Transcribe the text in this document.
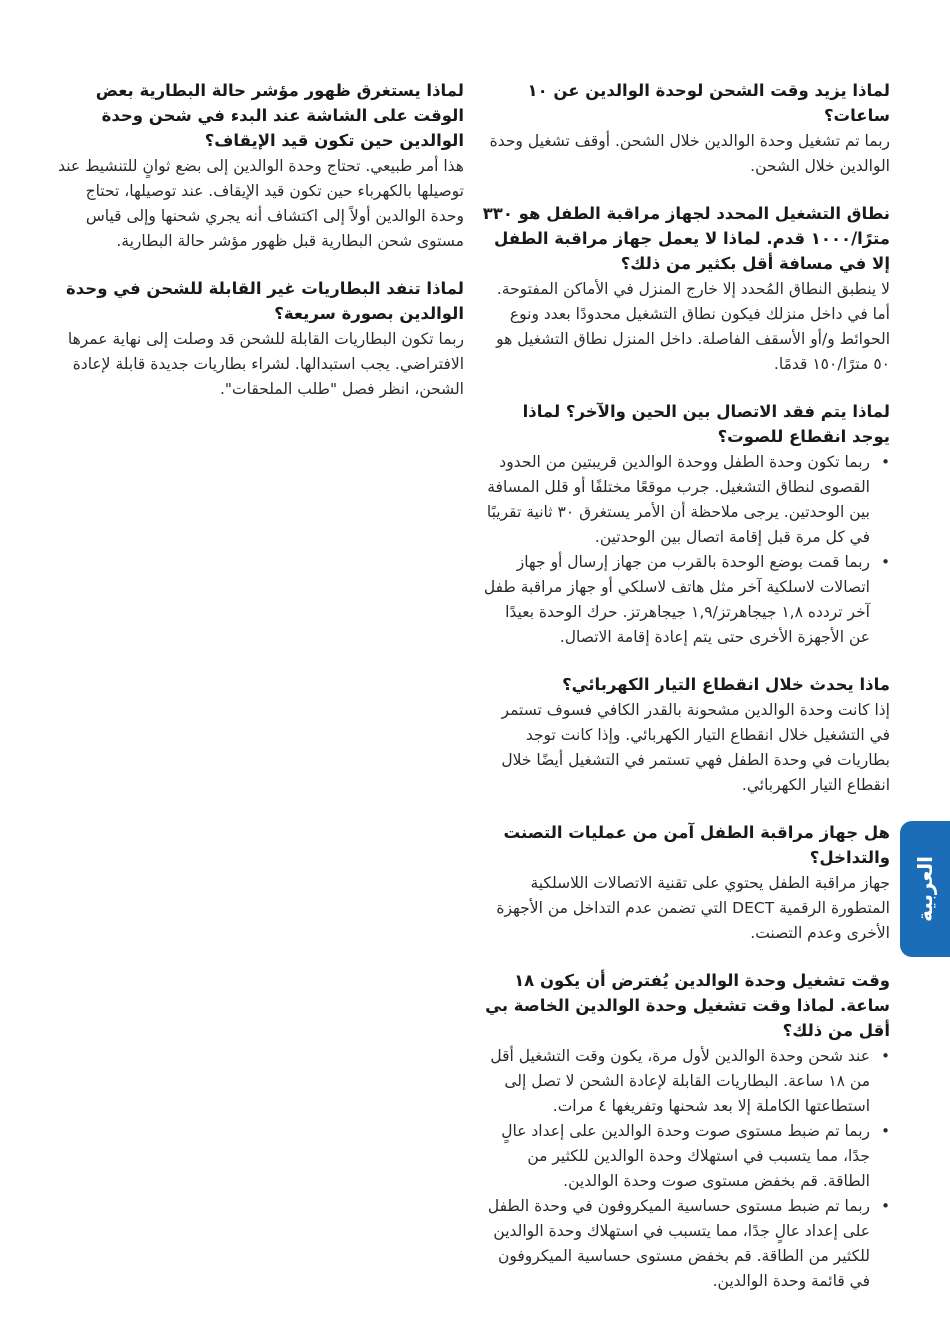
لماذا يزيد وقت الشحن لوحدة الوالدين عن ١٠ ساعات؟

ربما تم تشغيل وحدة الوالدين خلال الشحن. أوقف تشغيل وحدة الوالدين خلال الشحن.

نطاق التشغيل المحدد لجهاز مراقبة الطفل هو ٣٣٠ مترًا/١٠٠٠ قدم. لماذا لا يعمل جهاز مراقبة الطفل إلا في مسافة أقل بكثير من ذلك؟

لا ينطبق النطاق المُحدد إلا خارج المنزل في الأماكن المفتوحة. أما في داخل منزلك فيكون نطاق التشغيل محدودًا بعدد ونوع الحوائط و/أو الأسقف الفاصلة. داخل المنزل نطاق التشغيل هو ٥٠ مترًا/١٥٠ قدمًا.

لماذا يتم فقد الاتصال بين الحين والآخر؟ لماذا يوجد انقطاع للصوت؟

•
ربما تكون وحدة الطفل ووحدة الوالدين قريبتين من الحدود القصوى لنطاق التشغيل. جرب موقعًا مختلفًا أو قلل المسافة بين الوحدتين. يرجى ملاحظة أن الأمر يستغرق ٣٠ ثانية تقريبًا في كل مرة قبل إقامة اتصال بين الوحدتين.
•
ربما قمت بوضع الوحدة بالقرب من جهاز إرسال أو جهاز اتصالات لاسلكية آخر مثل هاتف لاسلكي أو جهاز مراقبة طفل آخر تردده ١,٨ جيجاهرتز/١,٩ جيجاهرتز. حرك الوحدة بعيدًا عن الأجهزة الأخرى حتى يتم إعادة إقامة الاتصال.

ماذا يحدث خلال انقطاع التيار الكهربائي؟

إذا كانت وحدة الوالدين مشحونة بالقدر الكافي فسوف تستمر في التشغيل خلال انقطاع التيار الكهربائي. وإذا كانت توجد بطاريات في وحدة الطفل فهي تستمر في التشغيل أيضًا خلال انقطاع التيار الكهربائي.

هل جهاز مراقبة الطفل آمن من عمليات التصنت والتداخل؟

جهاز مراقبة الطفل يحتوي على تقنية الاتصالات اللاسلكية المتطورة الرقمية DECT التي تضمن عدم التداخل من الأجهزة الأخرى وعدم التصنت.

وقت تشغيل وحدة الوالدين يُفترض أن يكون ١٨ ساعة. لماذا وقت تشغيل وحدة الوالدين الخاصة بي أقل من ذلك؟

•
عند شحن وحدة الوالدين لأول مرة، يكون وقت التشغيل أقل من ١٨ ساعة. البطاريات القابلة لإعادة الشحن لا تصل إلى استطاعتها الكاملة إلا بعد شحنها وتفريغها ٤ مرات.
•
ربما تم ضبط مستوى صوت وحدة الوالدين على إعداد عالٍ جدًا، مما يتسبب في استهلاك وحدة الوالدين للكثير من الطاقة. قم بخفض مستوى صوت وحدة الوالدين.
•
ربما تم ضبط مستوى حساسية الميكروفون في وحدة الطفل على إعداد عالٍ جدًا، مما يتسبب في استهلاك وحدة الوالدين للكثير من الطاقة. قم بخفض مستوى حساسية الميكروفون في قائمة وحدة الوالدين.

لماذا يستغرق ظهور مؤشر حالة البطارية بعض الوقت على الشاشة عند البدء في شحن وحدة الوالدين حين تكون قيد الإيقاف؟

هذا أمر طبيعي. تحتاج وحدة الوالدين إلى بضع ثوانٍ للتنشيط عند توصيلها بالكهرباء حين تكون قيد الإيقاف. عند توصيلها، تحتاج وحدة الوالدين أولاً إلى اكتشاف أنه يجري شحنها وإلى قياس مستوى شحن البطارية قبل ظهور مؤشر حالة البطارية.

لماذا تنفد البطاريات غير القابلة للشحن في وحدة الوالدين بصورة سريعة؟

ربما تكون البطاريات القابلة للشحن قد وصلت إلى نهاية عمرها الافتراضي. يجب استبدالها. لشراء بطاريات جديدة قابلة لإعادة الشحن، انظر فصل "طلب الملحقات".

العربية
